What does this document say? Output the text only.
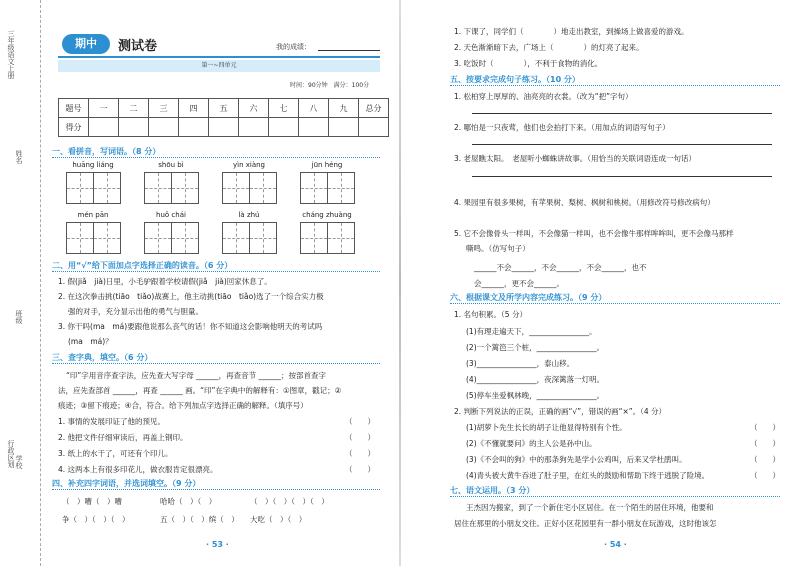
三年级语文上册
姓名
班级
学校
行政区划
期中	测试卷	我的成绩：
第一~四单元
时间：90分钟　满分：100分
题号	一	二	三	四	五	六	七	八	九	总分
得分										
一、看拼音，写词语。（8 分）
huāng liáng	shōu bì	yìn xiàng	jūn héng
mén pān	huǒ chái	là zhú	cháng zhuàng
二、用“√”给下面加点字选择正确的读音。（6 分）
1. 假(jiǎ　jià)日里，小毛驴跟着学校请假(jiǎ　jià)回家休息了。
2. 在这次拳击挑(tiāo　tiǎo)战赛上，他主动挑(tiāo　tiǎo)选了一个综合实力极
强的对手，充分显示出他的勇气与胆量。
3. 你干吗(ma　má)要跟他说那么丧气的话！你不知道这会影响他明天的考试吗
(ma　má)？
三、查字典，填空。（6 分）
“印”字用音序查字法，应先查大写字母 ______，再查音节 ______；按部首查字
法，应先查部首 ______，再查 ______ 画。“印”在字典中的解释有：①图章，戳记；②
痕迹；③留下痕迹；④合，符合。给下列加点字选择正确的解释。（填序号）
1. 事情的发展印证了他的预见。	（　　）
2. 他把文件仔细审读后，再盖上钢印。	（　　）
3. 纸上的水干了，可还有个印儿。	（　　）
4. 这两本上有很多印花儿，做衣服肯定很漂亮。	（　　）
四、补充四字词语，并选词填空。（9 分）
（　）嘈（　）嘈	哈哈（　）（　）	（　）（　）（　）（　）
争（　）（　）（　）	五（　）（　）缤（　） 大吃（　）（　）
· 53 ·
1. 下课了，同学们（　　　　）地走出教室，到操场上做喜爱的游戏。
2. 天色渐渐暗下去，广场上（　　　　）的灯亮了起来。
3. 吃饭时（　　　　），不利于食物的消化。
五、按要求完成句子练习。（10 分）
1. 松柏穿上厚厚的、油亮亮的衣裳。（改为“把”字句）
2. 哪怕是一只夜莺，他们也会拍打下来。（用加点的词语写句子）
3. 老屋瞧太阳。　老屋听小蜘蛛讲故事。（用恰当的关联词语连成一句话）
4. 果园里有很多果树，有苹果树、梨树、枫树和桃树。（用修改符号修改病句）
5. 它不会像骨头一样叫，不会像猫一样叫，也不会像牛那样哞哞叫，更不会像马那样
嘶鸣。（仿写句子）
______不会______，不会______，不会______，也不
会______，更不会______。
六、根据课文及所学内容完成练习。（9 分）
1. 名句积累。（5 分）
(1)有理走遍天下，________________。
(2)一个篱笆三个桩，________________。
(3)________________，泰山移。
(4)________________，夜深篱落一灯明。
(5)停车坐爱枫林晚，________________。
2. 判断下列说法的正误，正确的画“√”，错误的画“×”。（4 分）
(1)胡萝卜先生长长的胡子让他显得特别有个性。	（　　）
(2)《不懂就要问》的主人公是孙中山。	（　　）
(3)《不会叫的狗》中的那条狗先是学小公鸡叫，后来又学杜鹃叫。	（　　）
(4)青头被大黄牛吞进了肚子里，在红头的鼓励和帮助下终于逃脱了险境。	（　　）
七、语文运用。（3 分）
王杰因为搬家，到了一个新住宅小区居住。在一个陌生的居住环境，他要和
居住在那里的小朋友交往。正好小区花园里有一群小朋友在玩游戏，这时他该怎
· 54 ·
